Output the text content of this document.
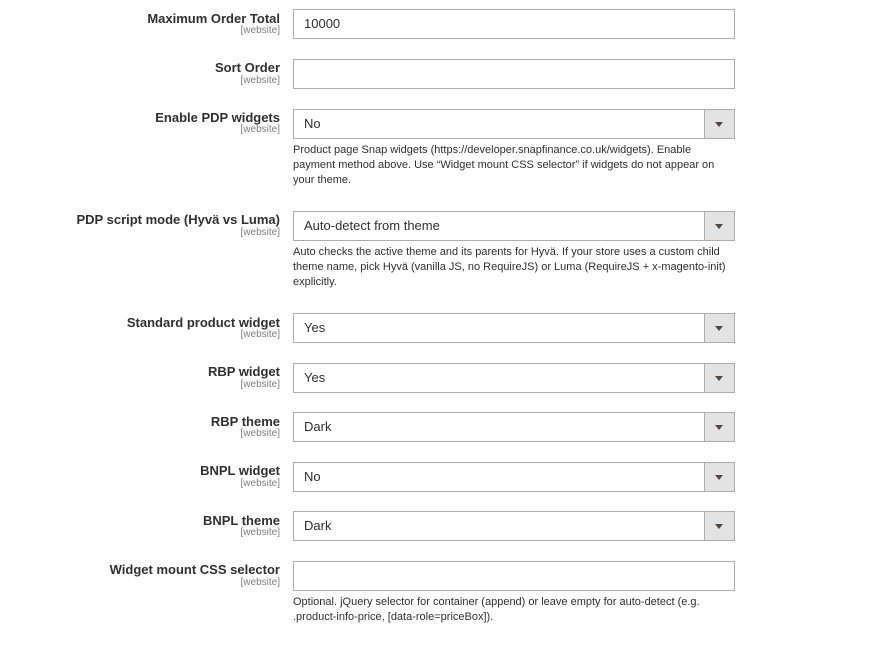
Maximum Order Total
[website] 10000
Sort Order
[website]
Enable PDP widgets
[website] No
Product page Snap widgets (https://developer.snapfinance.co.uk/widgets). Enable payment method above. Use “Widget mount CSS selector” if widgets do not appear on your theme.
PDP script mode (Hyvä vs Luma)
[website] Auto-detect from theme
Auto checks the active theme and its parents for Hyvä. If your store uses a custom child theme name, pick Hyvä (vanilla JS, no RequireJS) or Luma (RequireJS + x-magento-init) explicitly.
Standard product widget
[website] Yes
RBP widget
[website] Yes
RBP theme
[website] Dark
BNPL widget
[website] No
BNPL theme
[website] Dark
Widget mount CSS selector
[website]
Optional. jQuery selector for container (append) or leave empty for auto-detect (e.g. .product-info-price, [data-role=priceBox]).
